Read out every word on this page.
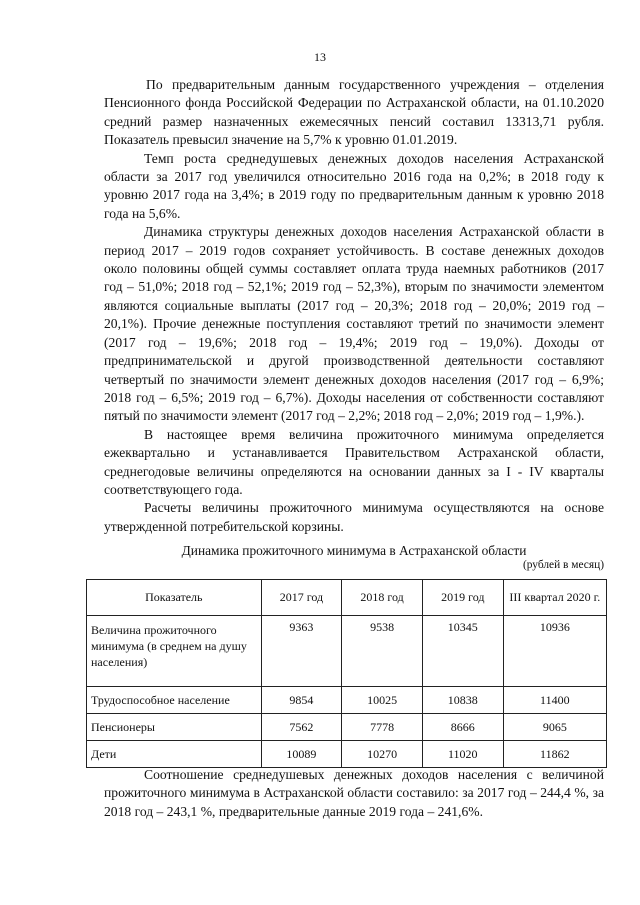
13

По предварительным данным государственного учреждения – отделения Пенсионного фонда Российской Федерации по Астраханской области, на 01.10.2020 средний размер назначенных ежемесячных пенсий составил 13313,71 рубля. Показатель превысил значение на 5,7% к уровню 01.01.2019.

Темп роста среднедушевых денежных доходов населения Астраханской области за 2017 год увеличился относительно 2016 года на 0,2%; в 2018 году к уровню 2017 года на 3,4%; в 2019 году по предварительным данным к уровню 2018 года на 5,6%.

Динамика структуры денежных доходов населения Астраханской области в период 2017 – 2019 годов сохраняет устойчивость. В составе денежных доходов около половины общей суммы составляет оплата труда наемных работников (2017 год – 51,0%; 2018 год – 52,1%; 2019 год – 52,3%), вторым по значимости элементом являются социальные выплаты (2017 год – 20,3%; 2018 год – 20,0%; 2019 год – 20,1%). Прочие денежные поступления составляют третий по значимости элемент (2017 год – 19,6%; 2018 год – 19,4%; 2019 год – 19,0%). Доходы от предпринимательской и другой производственной деятельности составляют четвертый по значимости элемент денежных доходов населения (2017 год – 6,9%; 2018 год – 6,5%; 2019 год – 6,7%). Доходы населения от собственности составляют пятый по значимости элемент (2017 год – 2,2%; 2018 год – 2,0%; 2019 год – 1,9%.).

В настоящее время величина прожиточного минимума определяется ежеквартально и устанавливается Правительством Астраханской области, среднегодовые величины определяются на основании данных за I - IV кварталы соответствующего года.

Расчеты величины прожиточного минимума осуществляются на основе утвержденной потребительской корзины.

Динамика прожиточного минимума в Астраханской области
(рублей в месяц)
Показатель	2017 год	2018 год	2019 год	III квартал 2020 г.
Величина прожиточного минимума (в среднем на душу населения)	9363	9538	10345	10936
Трудоспособное население	9854	10025	10838	11400
Пенсионеры	7562	7778	8666	9065
Дети	10089	10270	11020	11862

Соотношение среднедушевых денежных доходов населения с величиной прожиточного минимума в Астраханской области составило: за 2017 год – 244,4 %, за 2018 год – 243,1 %, предварительные данные 2019 года – 241,6%.
